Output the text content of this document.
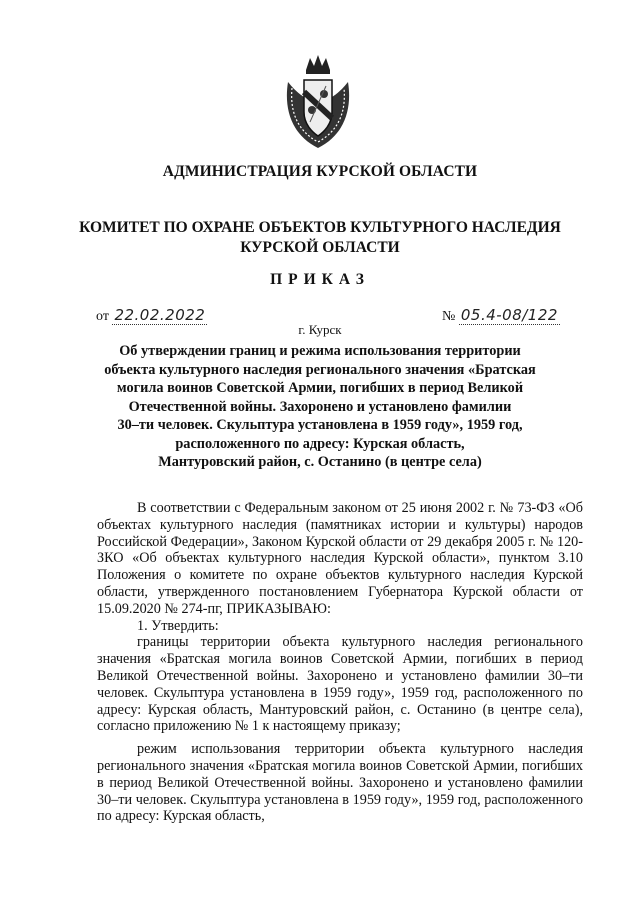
АДМИНИСТРАЦИЯ КУРСКОЙ ОБЛАСТИ
КОМИТЕТ ПО ОХРАНЕ ОБЪЕКТОВ КУЛЬТУРНОГО НАСЛЕДИЯ
КУРСКОЙ ОБЛАСТИ
ПРИКАЗ
от 22.02.2022	№ 05.4-08/122
г. Курск
Об утверждении границ и режима использования территории
объекта культурного наследия регионального значения «Братская
могила воинов Советской Армии, погибших в период Великой
Отечественной войны. Захоронено и установлено фамилии
30–ти человек. Скульптура установлена в 1959 году», 1959 год,
расположенного по адресу: Курская область,
Мантуровский район, с. Останино (в центре села)

В соответствии с Федеральным законом от 25 июня 2002 г. № 73-ФЗ «Об объектах культурного наследия (памятниках истории и культуры) народов Российской Федерации», Законом Курской области от 29 декабря 2005 г. № 120-ЗКО «Об объектах культурного наследия Курской области», пунктом 3.10 Положения о комитете по охране объектов культурного наследия Курской области, утвержденного постановлением Губернатора Курской области от 15.09.2020 № 274-пг, ПРИКАЗЫВАЮ:

1. Утвердить:

границы территории объекта культурного наследия регионального значения «Братская могила воинов Советской Армии, погибших в период Великой Отечественной войны. Захоронено и установлено фамилии 30–ти человек. Скульптура установлена в 1959 году», 1959 год, расположенного по адресу: Курская область, Мантуровский район, с. Останино (в центре села), согласно приложению № 1 к настоящему приказу;

режим использования территории объекта культурного наследия регионального значения «Братская могила воинов Советской Армии, погибших в период Великой Отечественной войны. Захоронено и установлено фамилии 30–ти человек. Скульптура установлена в 1959 году», 1959 год, расположенного по адресу: Курская область,
